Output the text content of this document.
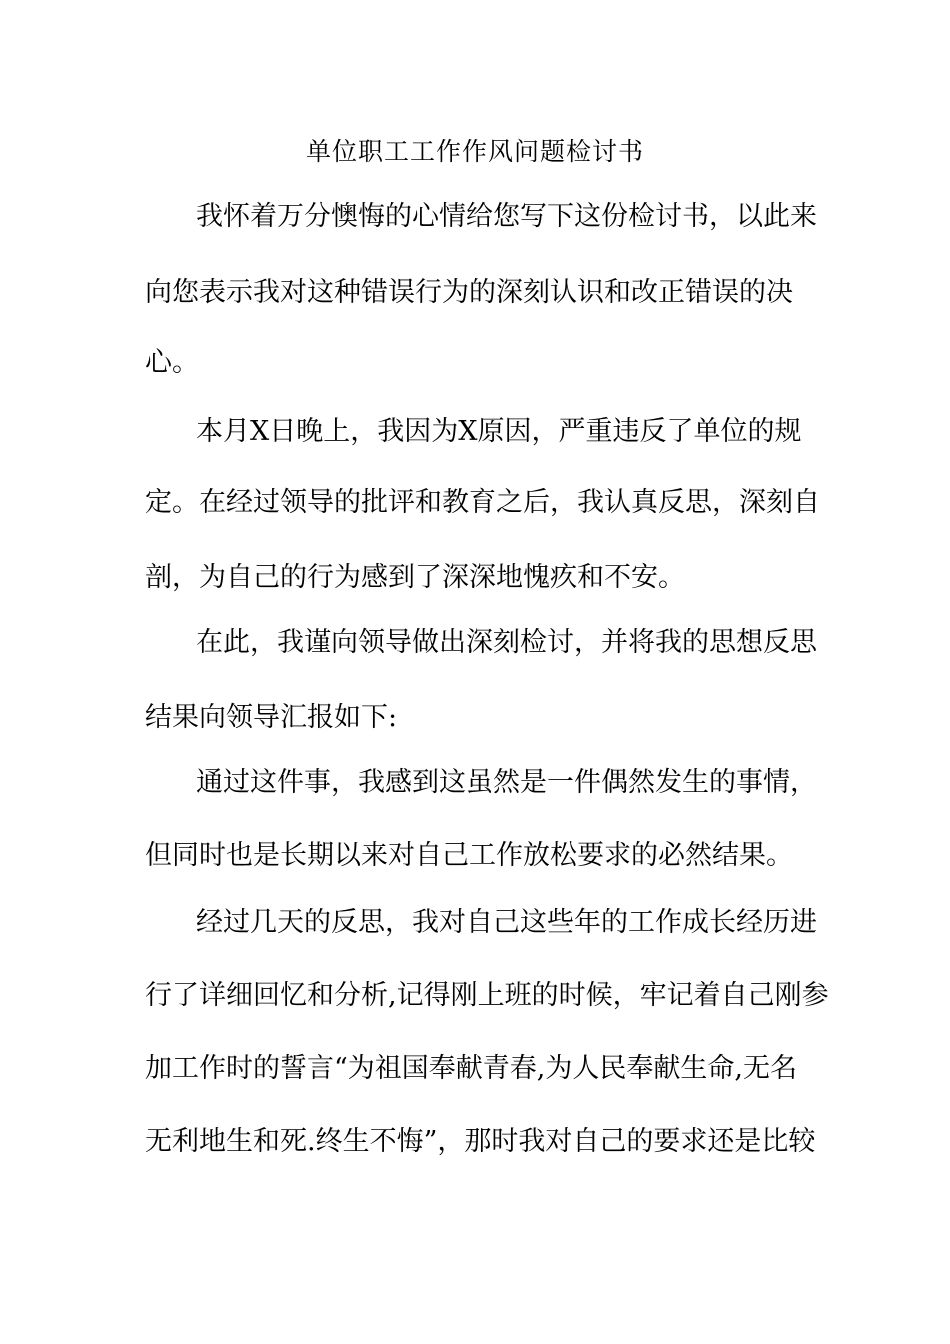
单位职工工作作风问题检讨书
我怀着万分懊悔的心情给您写下这份检讨书，以此来
向您表示我对这种错误行为的深刻认识和改正错误的决
心。
本月X日晚上，我因为X原因，严重违反了单位的规
定。在经过领导的批评和教育之后，我认真反思，深刻自
剖，为自己的行为感到了深深地愧疚和不安。
在此，我谨向领导做出深刻检讨，并将我的思想反思
结果向领导汇报如下:
通过这件事，我感到这虽然是一件偶然发生的事情，
但同时也是长期以来对自己工作放松要求的必然结果。
经过几天的反思，我对自己这些年的工作成长经历进
行了详细回忆和分析,记得刚上班的时候，牢记着自己刚参
加工作时的誓言“为祖国奉献青春,为人民奉献生命,无名
无利地生和死.终生不悔”，那时我对自己的要求还是比较
